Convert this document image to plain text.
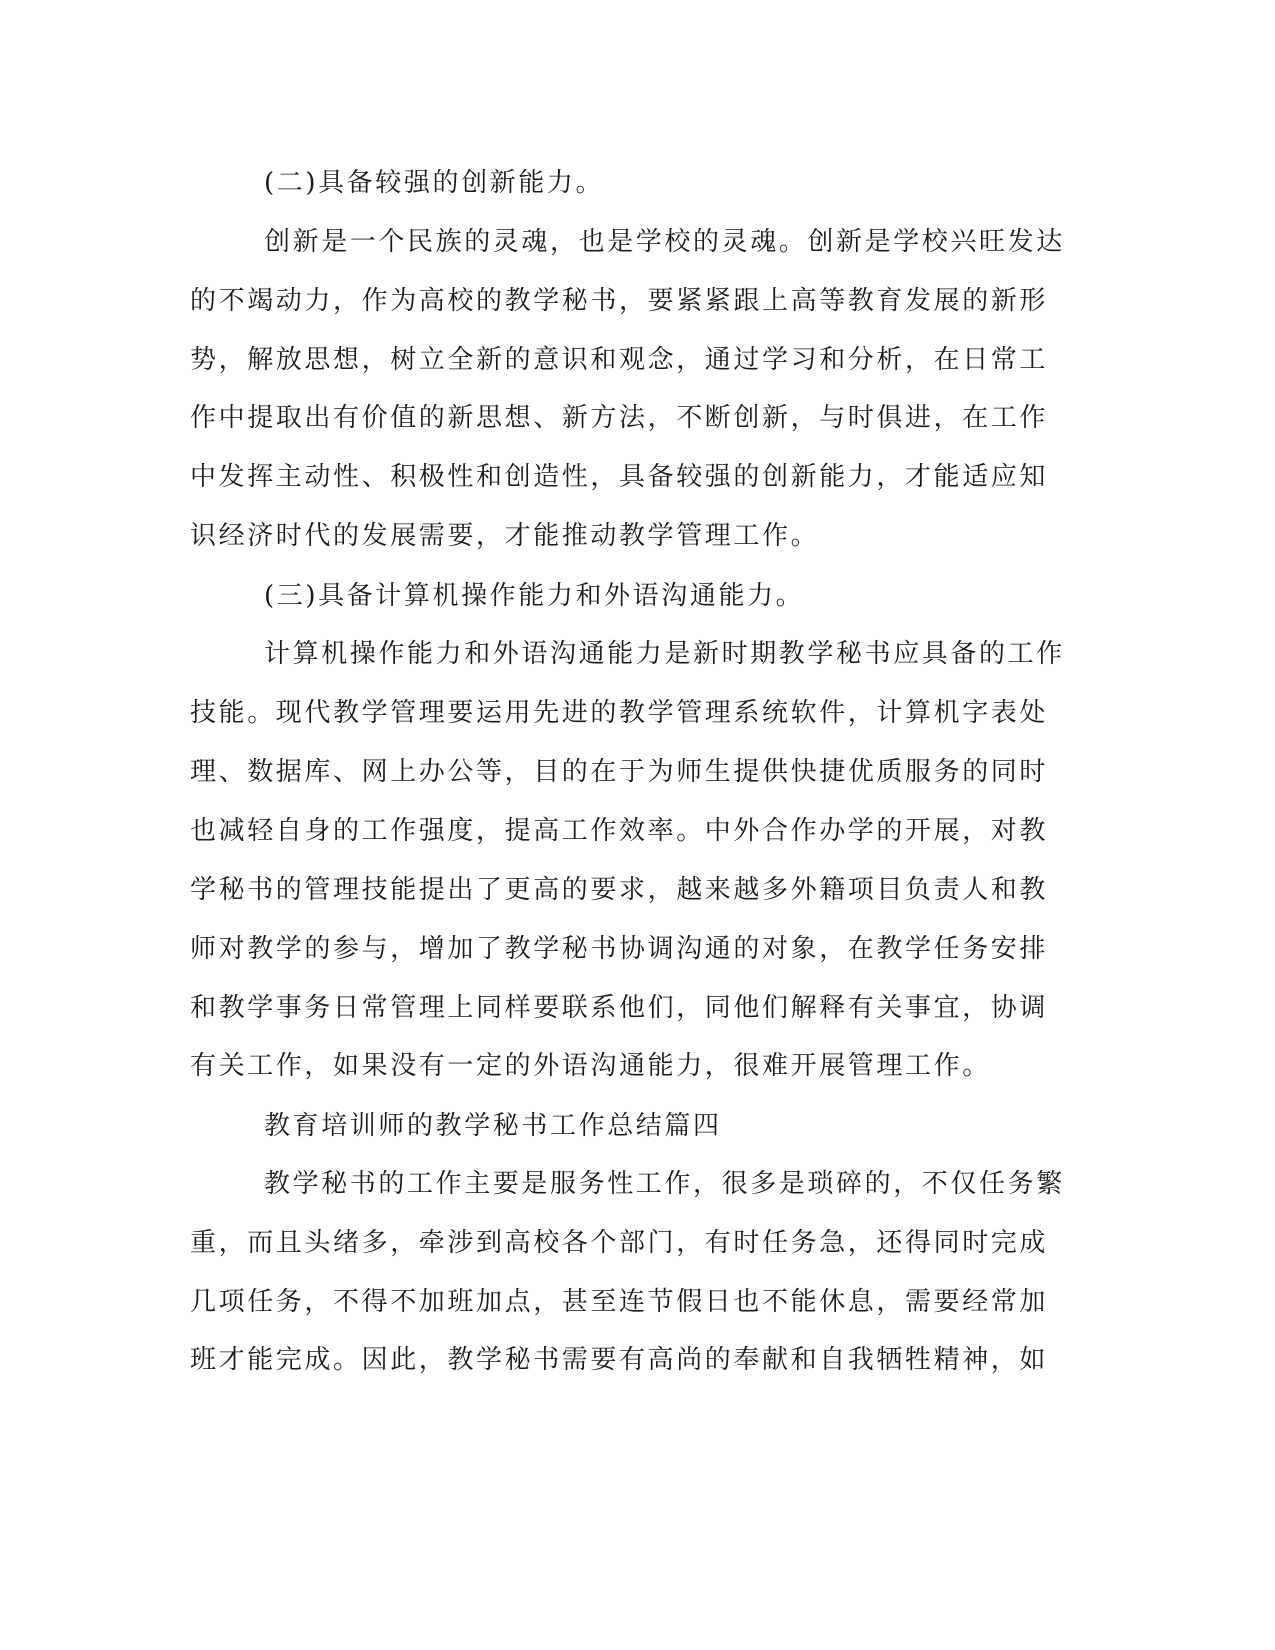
(二)具备较强的创新能力。

创新是一个民族的灵魂，也是学校的灵魂。创新是学校兴旺发达

的不竭动力，作为高校的教学秘书，要紧紧跟上高等教育发展的新形

势，解放思想，树立全新的意识和观念，通过学习和分析，在日常工

作中提取出有价值的新思想、新方法，不断创新，与时俱进，在工作

中发挥主动性、积极性和创造性，具备较强的创新能力，才能适应知

识经济时代的发展需要，才能推动教学管理工作。

(三)具备计算机操作能力和外语沟通能力。

计算机操作能力和外语沟通能力是新时期教学秘书应具备的工作

技能。现代教学管理要运用先进的教学管理系统软件，计算机字表处

理、数据库、网上办公等，目的在于为师生提供快捷优质服务的同时

也减轻自身的工作强度，提高工作效率。中外合作办学的开展，对教

学秘书的管理技能提出了更高的要求，越来越多外籍项目负责人和教

师对教学的参与，增加了教学秘书协调沟通的对象，在教学任务安排

和教学事务日常管理上同样要联系他们，同他们解释有关事宜，协调

有关工作，如果没有一定的外语沟通能力，很难开展管理工作。

教育培训师的教学秘书工作总结篇四

教学秘书的工作主要是服务性工作，很多是琐碎的，不仅任务繁

重，而且头绪多，牵涉到高校各个部门，有时任务急，还得同时完成

几项任务，不得不加班加点，甚至连节假日也不能休息，需要经常加

班才能完成。因此，教学秘书需要有高尚的奉献和自我牺牲精神，如
